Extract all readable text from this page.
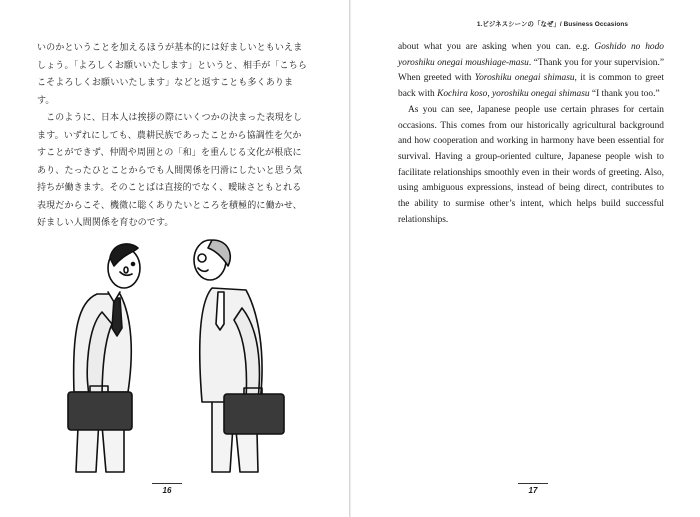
いのかということを加えるほうが基本的には好ましいともいえましょう。「よろしくお願いいたします」というと、相手が「こちらこそよろしくお願いいたします」などと返すことも多くあります。

このように、日本人は挨拶の際にいくつかの決まった表現をします。いずれにしても、農耕民族であったことから協調性を欠かすことができず、仲間や周囲との「和」を重んじる文化が根底にあり、たったひとことからでも人間関係を円滑にしたいと思う気持ちが働きます。そのことばは直接的でなく、曖昧さともとれる表現だからこそ、機微に聡くありたいところを積極的に働かせ、好ましい人間関係を育むのです。

16
1.ビジネスシーンの「なぜ」/ Business Occasions

about what you are asking when you can. e.g. Goshido no hodo yoroshiku onegai moushiage-masu. “Thank you for your supervision.” When greeted with Yoroshiku onegai shimasu, it is common to greet back with Kochira koso, yoroshiku onegai shimasu “I thank you too.”

As you can see, Japanese people use certain phrases for certain occasions. This comes from our historically agricultural background and how cooperation and working in harmony have been essential for survival. Having a group-oriented culture, Japanese people wish to facilitate relationships smoothly even in their words of greeting. Also, using ambiguous expressions, instead of being direct, contributes to the ability to surmise other’s intent, which helps build successful relationships.

17
